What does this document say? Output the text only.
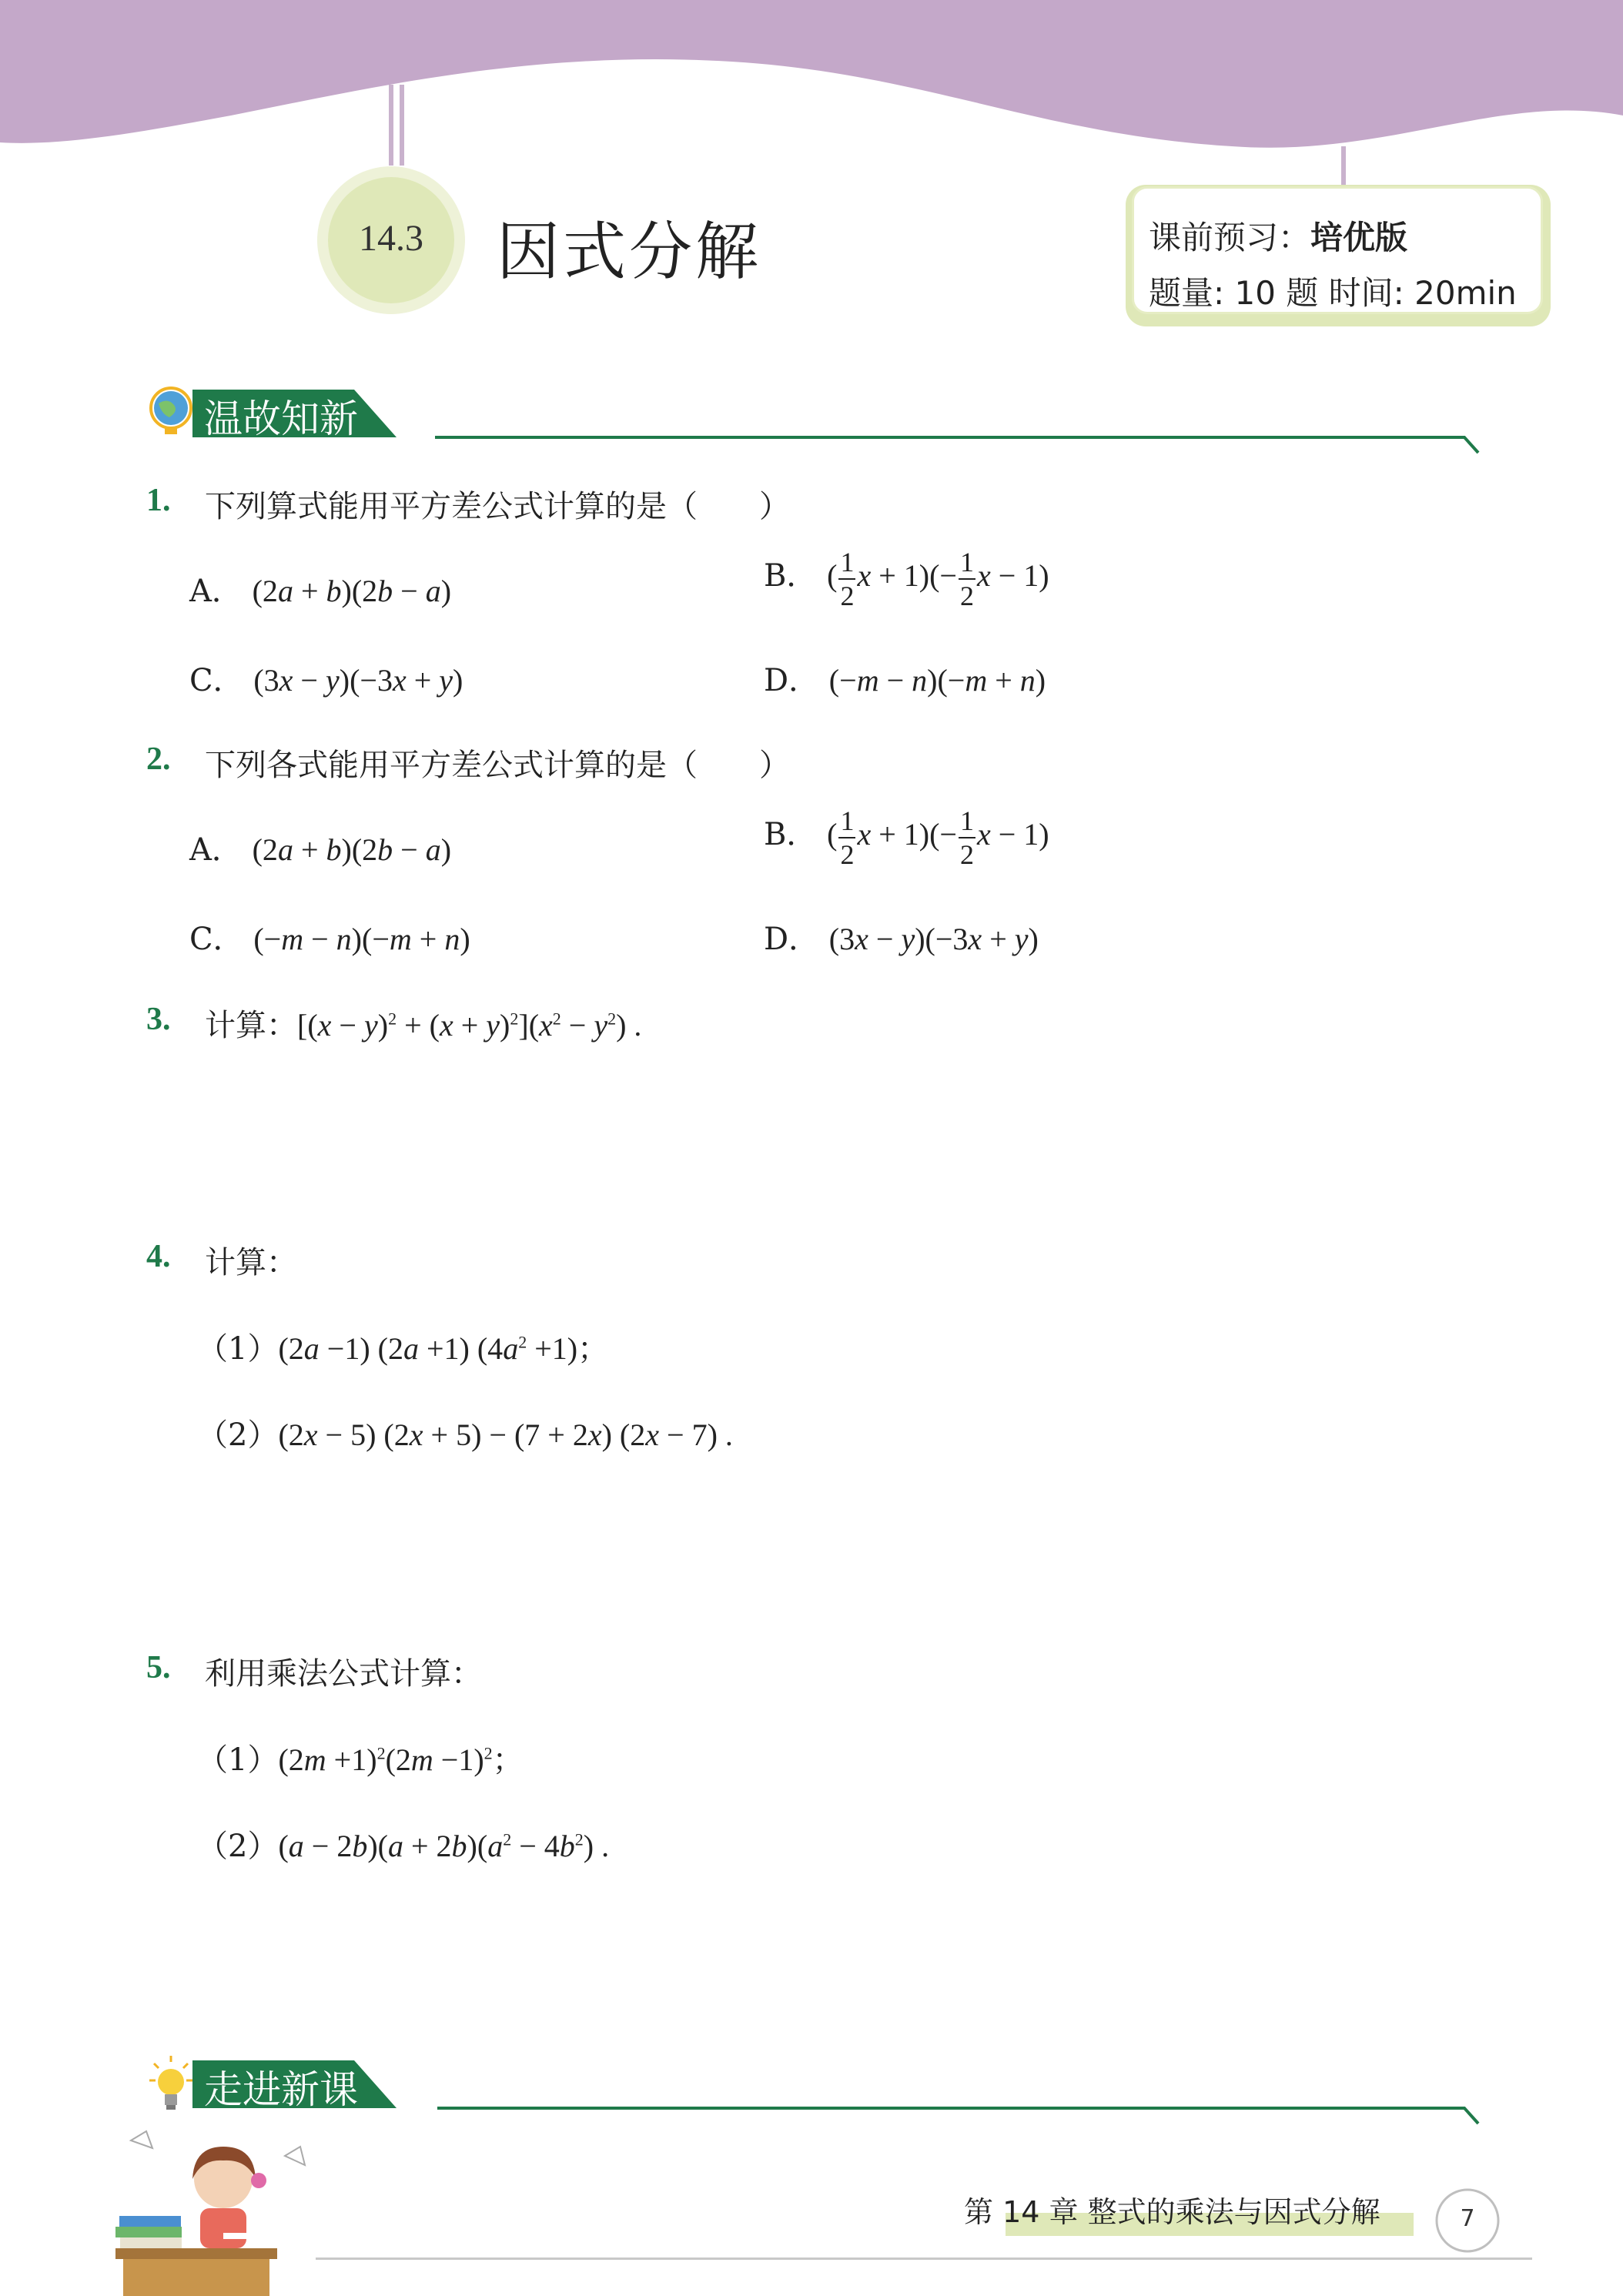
14.3	因式分解	课前预习：培优版
题量: 10 题 时间: 20min
温故知新
1. 下列算式能用平方差公式计算的是（　　）
A． (2a + b)(2b − a)	B． ( $\frac{1}{2}$ $x + 1)(- \frac{1}{2}$ x − 1)
C． (3x − y)(−3x + y)	D． (−m − n)(−m + n)
2. 下列各式能用平方差公式计算的是（　　）
A． (2a + b)(2b − a)	B． ( $\frac{1}{2}$ $x + 1)(- \frac{1}{2}$ x − 1)
C． (−m − n)(−m + n)	D． (3x − y)(−3x + y)
3. 计算：$[(x - y)^2 + (x + y)^2](x^2 - y^2)$ .
4. 计算：
（1）(2a −1) (2a +1) $(4a^2 +1)$；
（2）(2x − 5) (2x + 5) − (7 + 2x) (2x − 7) .
5. 利用乘法公式计算：
$(1)(2m +1)^2(2m -1)^2$；
$(2)(a - 2b)(a + 2b)(a^2 - 4b^2)$ .
走进新课
第 14 章 整式的乘法与因式分解	7
